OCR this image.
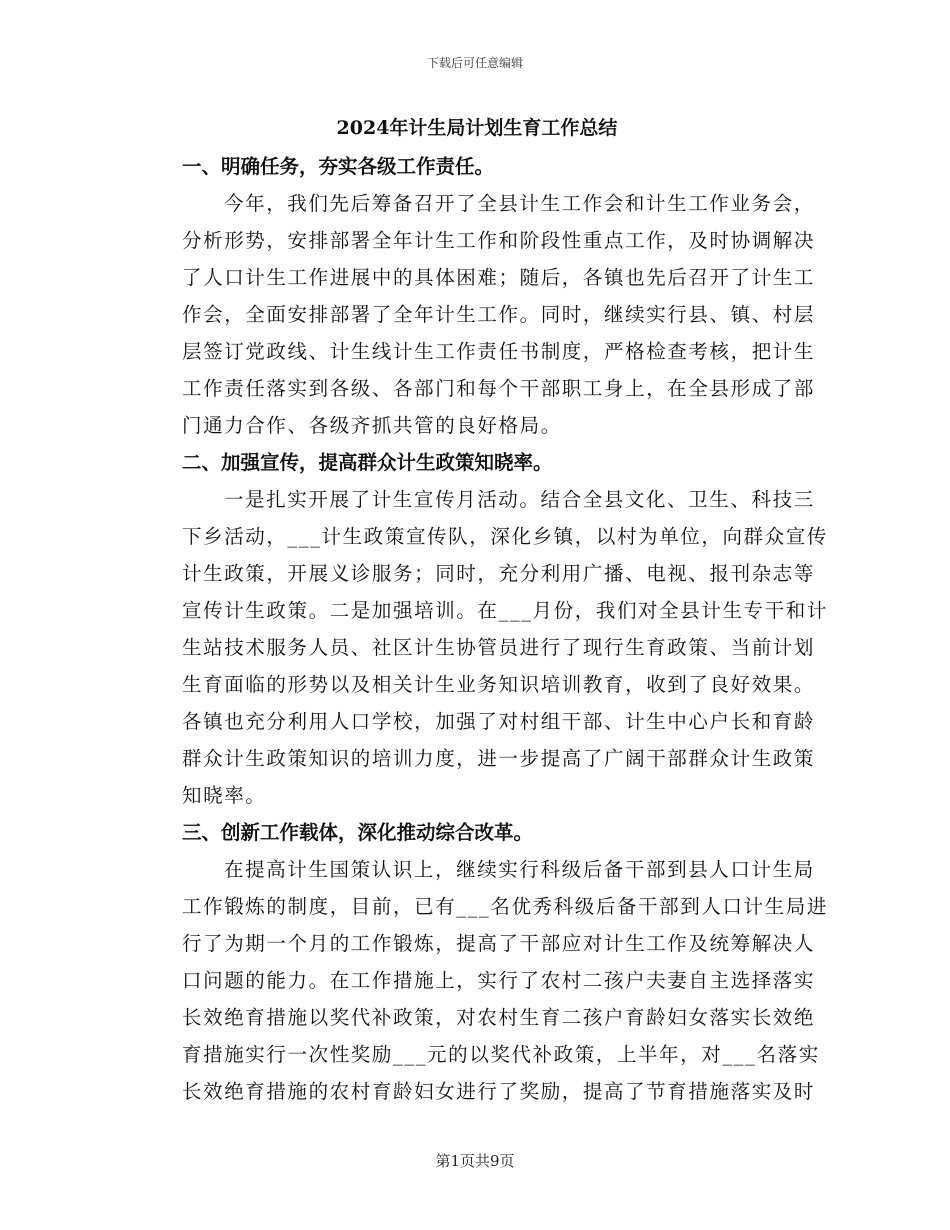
下载后可任意编辑
2024年计生局计划生育工作总结
一、明确任务，夯实各级工作责任。

今年，我们先后筹备召开了全县计生工作会和计生工作业务会，
分析形势，安排部署全年计生工作和阶段性重点工作，及时协调解决
了人口计生工作进展中的具体困难；随后，各镇也先后召开了计生工
作会，全面安排部署了全年计生工作。同时，继续实行县、镇、村层
层签订党政线、计生线计生工作责任书制度，严格检查考核，把计生
工作责任落实到各级、各部门和每个干部职工身上，在全县形成了部
门通力合作、各级齐抓共管的良好格局。

二、加强宣传，提高群众计生政策知晓率。

一是扎实开展了计生宣传月活动。结合全县文化、卫生、科技三
下乡活动，___计生政策宣传队，深化乡镇，以村为单位，向群众宣传
计生政策，开展义诊服务；同时，充分利用广播、电视、报刊杂志等
宣传计生政策。二是加强培训。在___月份，我们对全县计生专干和计
生站技术服务人员、社区计生协管员进行了现行生育政策、当前计划
生育面临的形势以及相关计生业务知识培训教育，收到了良好效果。
各镇也充分利用人口学校，加强了对村组干部、计生中心户长和育龄
群众计生政策知识的培训力度，进一步提高了广阔干部群众计生政策
知晓率。

三、创新工作载体，深化推动综合改革。

在提高计生国策认识上，继续实行科级后备干部到县人口计生局
工作锻炼的制度，目前，已有___名优秀科级后备干部到人口计生局进
行了为期一个月的工作锻炼，提高了干部应对计生工作及统筹解决人
口问题的能力。在工作措施上，实行了农村二孩户夫妻自主选择落实
长效绝育措施以奖代补政策，对农村生育二孩户育龄妇女落实长效绝
育措施实行一次性奖励___元的以奖代补政策，上半年，对___名落实
长效绝育措施的农村育龄妇女进行了奖励，提高了节育措施落实及时

第1页共9页
